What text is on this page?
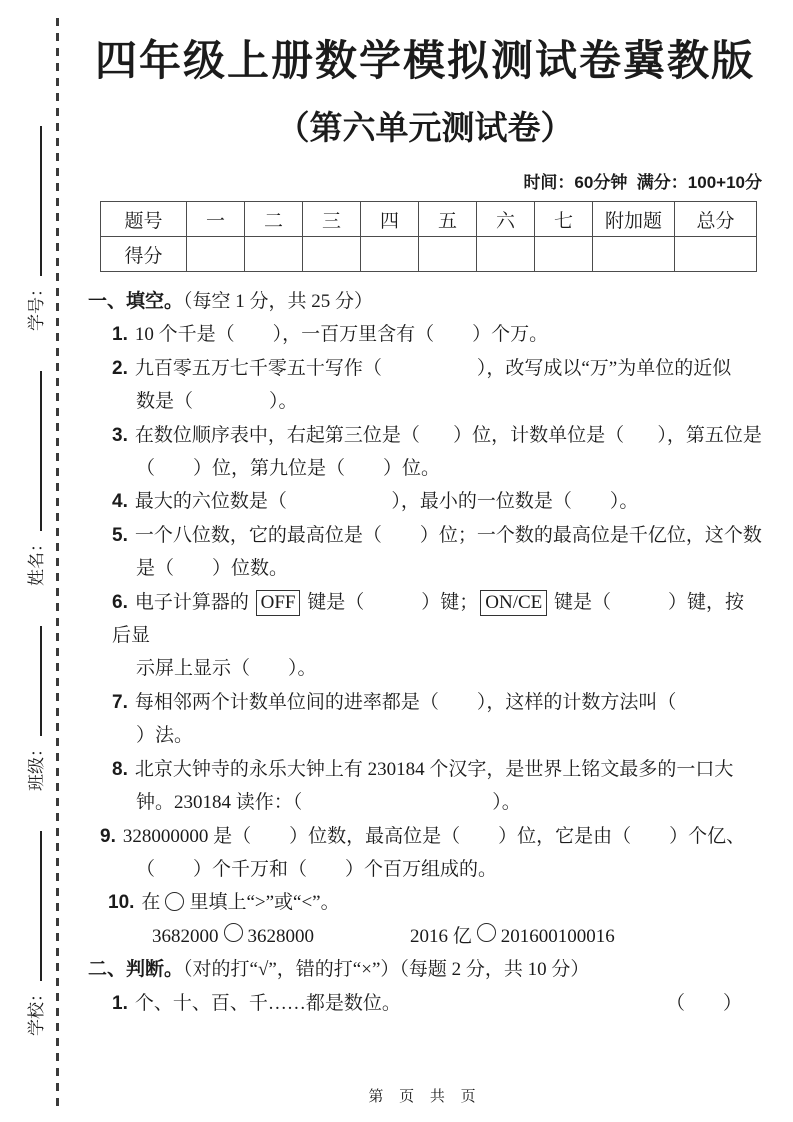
学校：
班级：
姓名：
学号：
四年级上册数学模拟测试卷冀教版
（第六单元测试卷）
时间：60分钟  满分：100+10分
题号	一	二	三	四	五	六	七	附加题	总分
得分									
一、填空。（每空 1 分，共 25 分）
1. 10 个千是（        ），一百万里含有（        ）个万。
2. 九百零五万七千零五十写作（                    ），改写成以“万”为单位的近似
数是（                ）。
3. 在数位顺序表中，右起第三位是（       ）位，计数单位是（       ），第五位是
（        ）位，第九位是（        ）位。
4. 最大的六位数是（                      ），最小的一位数是（        ）。
5. 一个八位数，它的最高位是（        ）位；一个数的最高位是千亿位，这个数
是（        ）位数。
6. 电子计算器的 OFF 键是（            ）键； ON/CE 键是（            ）键，按后显
示屏上显示（        ）。
7. 每相邻两个计数单位间的进率都是（        ），这样的计数方法叫（
）法。
8. 北京大钟寺的永乐大钟上有 230184 个汉字，是世界上铭文最多的一口大
钟。230184 读作：（                                        ）。
9. 328000000 是（        ）位数，最高位是（        ）位，它是由（        ）个亿、
（        ）个千万和（        ）个百万组成的。
10. 在 里填上“>”或“<”。
3682000 3628000	2016 亿 201600100016
二、判断。（对的打“√”，错的打“×”）（每题 2 分，共 10 分）
1. 个、十、百、千……都是数位。	（        ）
第 页 共 页
